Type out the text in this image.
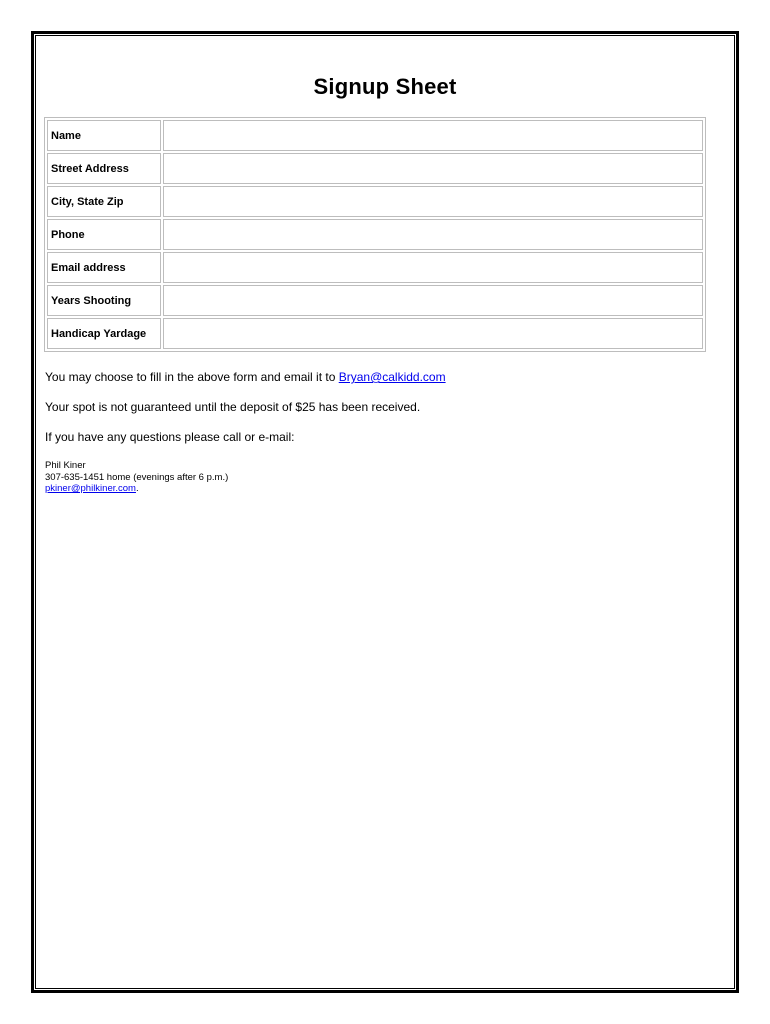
Signup Sheet
Name	
Street Address	
City, State Zip	
Phone	
Email address	
Years Shooting	
Handicap Yardage	
You may choose to fill in the above form and email it to Bryan@calkidd.com
Your spot is not guaranteed until the deposit of $25 has been received.
If you have any questions please call or e-mail:
Phil Kiner
307-635-1451 home (evenings after 6 p.m.)
pkiner@philkiner.com.
